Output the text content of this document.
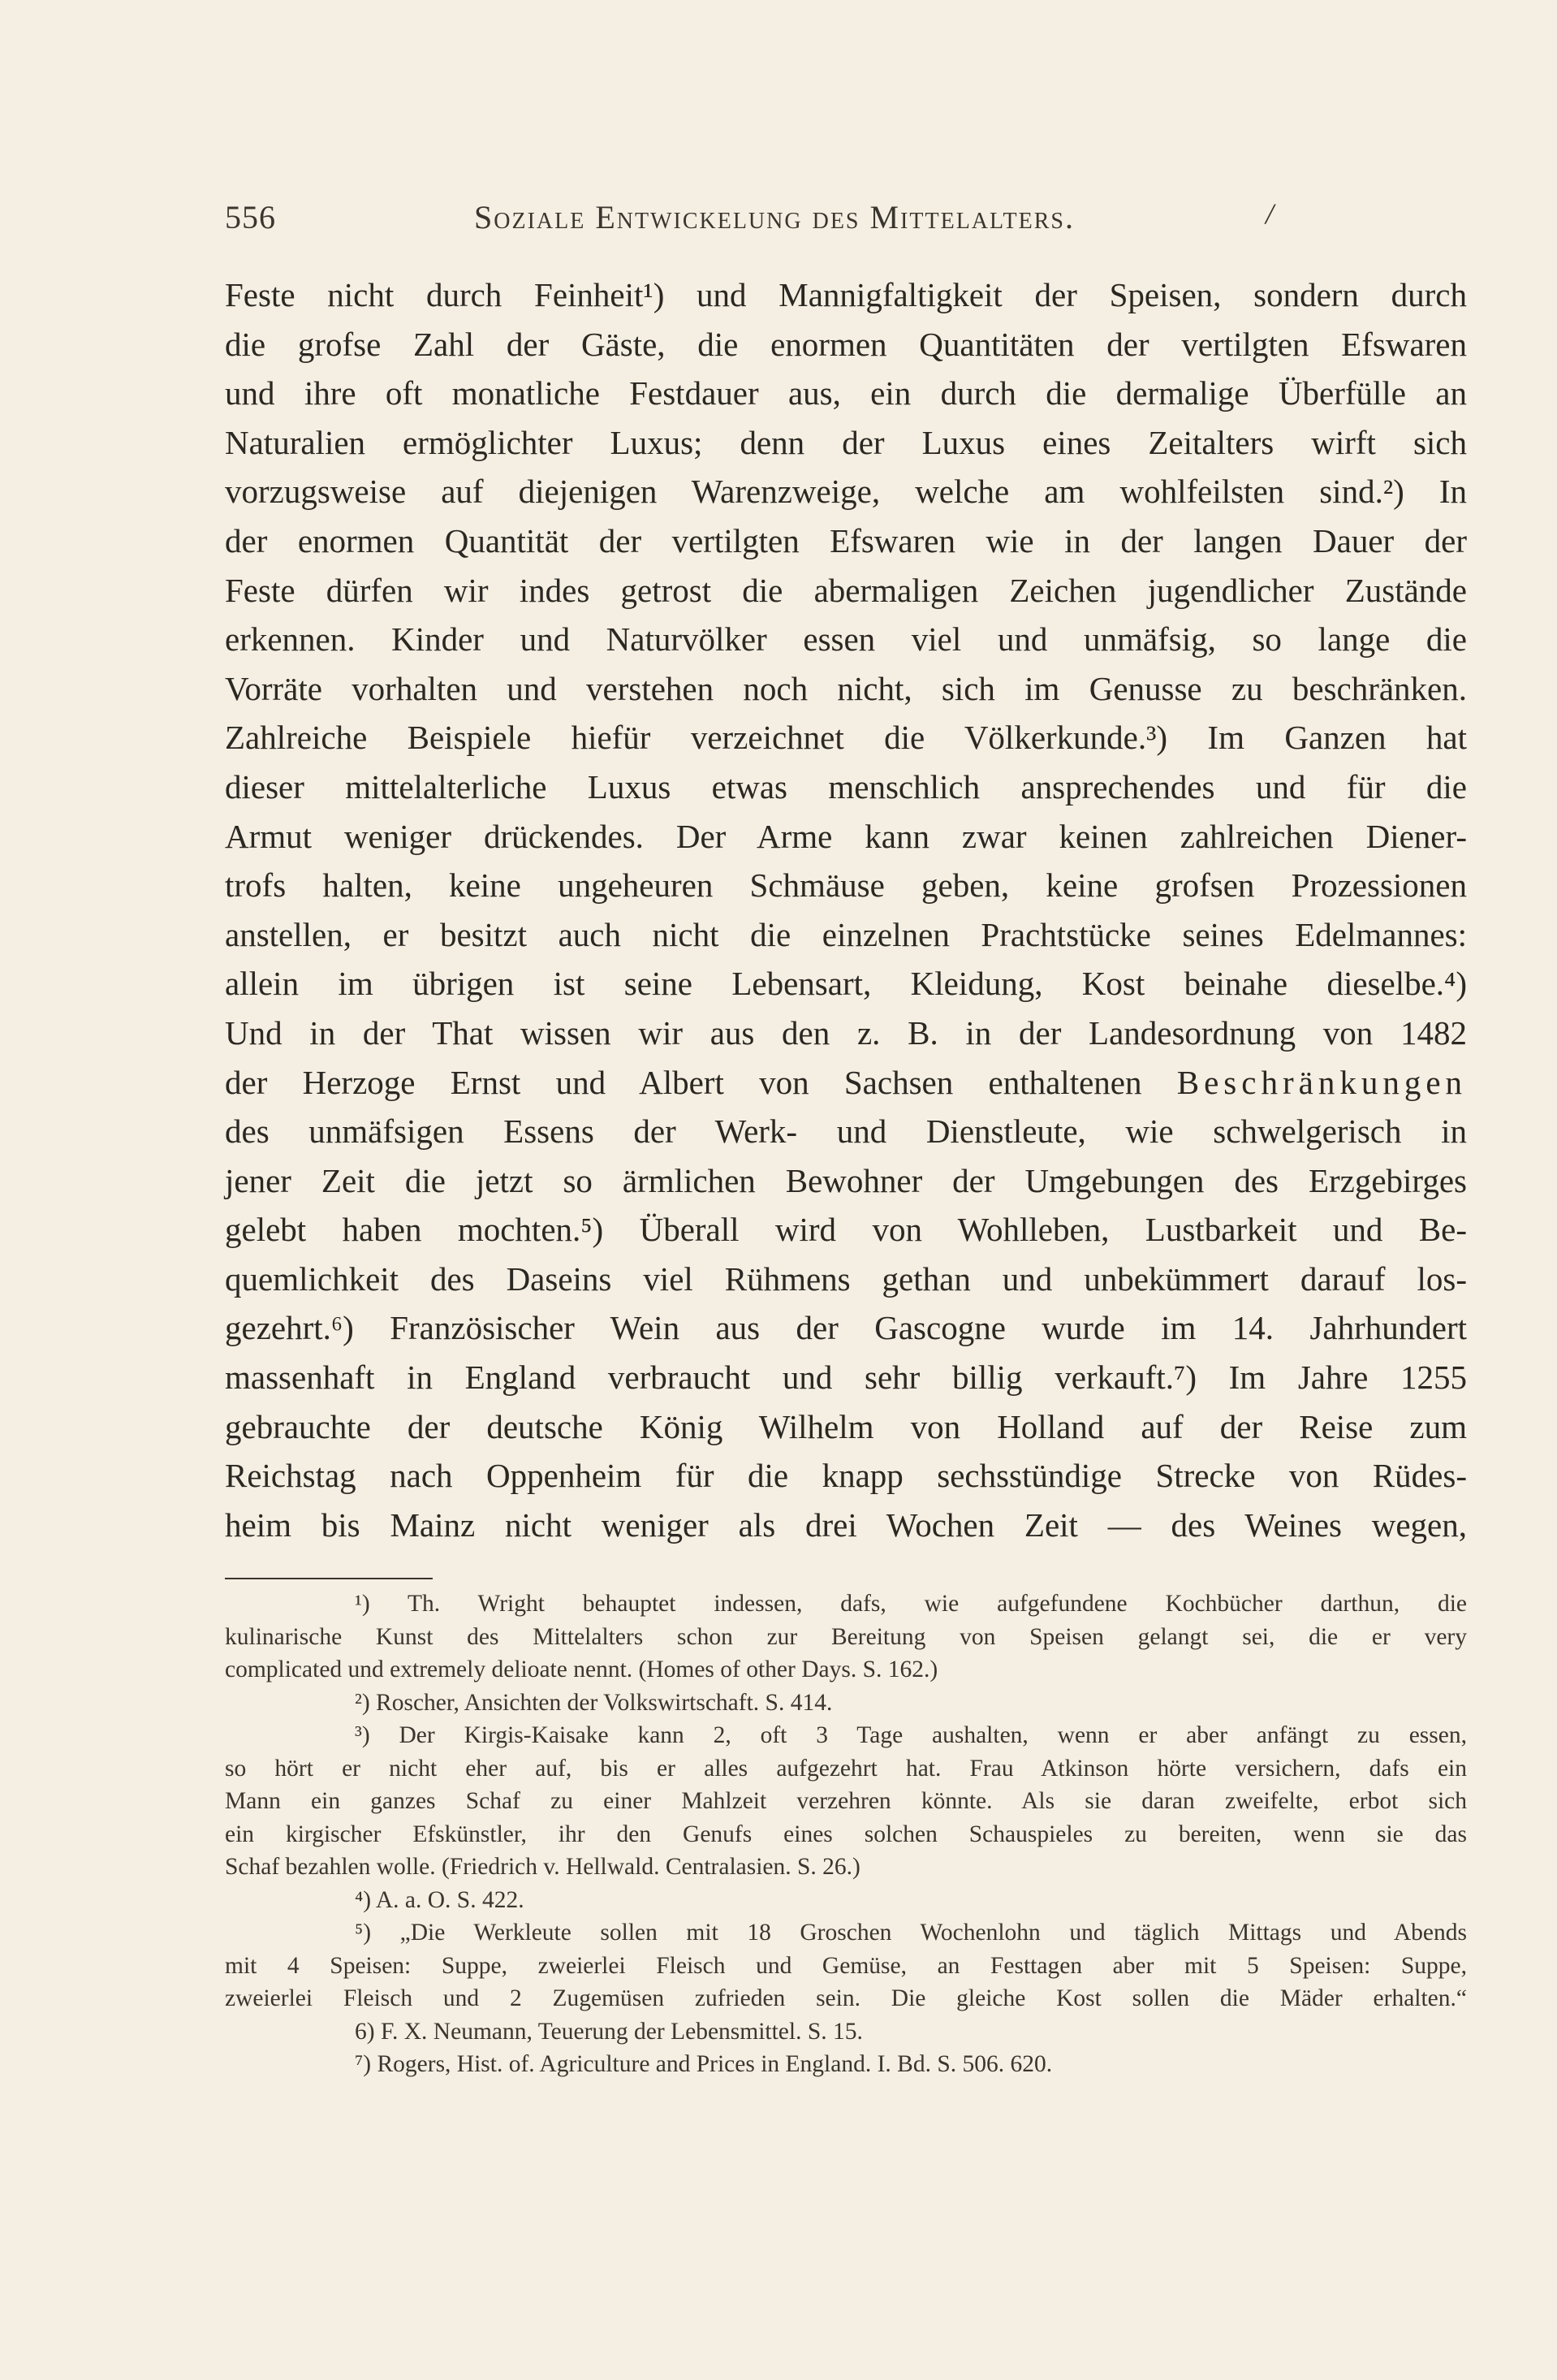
556	Soziale Entwickelung des Mittelalters.	/
Feste nicht durch Feinheit¹) und Mannigfaltigkeit der Speisen, sondern durch
die grofse Zahl der Gäste, die enormen Quantitäten der vertilgten Efswaren
und ihre oft monatliche Festdauer aus, ein durch die dermalige Überfülle an
Naturalien ermöglichter Luxus; denn der Luxus eines Zeitalters wirft sich
vorzugsweise auf diejenigen Warenzweige, welche am wohlfeilsten sind.²) In
der enormen Quantität der vertilgten Efswaren wie in der langen Dauer der
Feste dürfen wir indes getrost die abermaligen Zeichen jugendlicher Zustände
erkennen. Kinder und Naturvölker essen viel und unmäfsig, so lange die
Vorräte vorhalten und verstehen noch nicht, sich im Genusse zu beschränken.
Zahlreiche Beispiele hiefür verzeichnet die Völkerkunde.³) Im Ganzen hat
dieser mittelalterliche Luxus etwas menschlich ansprechendes und für die
Armut weniger drückendes. Der Arme kann zwar keinen zahlreichen Diener-
trofs halten, keine ungeheuren Schmäuse geben, keine grofsen Prozessionen
anstellen, er besitzt auch nicht die einzelnen Prachtstücke seines Edelmannes:
allein im übrigen ist seine Lebensart, Kleidung, Kost beinahe dieselbe.⁴)
Und in der That wissen wir aus den z. B. in der Landesordnung von 1482
der Herzoge Ernst und Albert von Sachsen enthaltenen Beschränkungen
des unmäfsigen Essens der Werk- und Dienstleute, wie schwelgerisch in
jener Zeit die jetzt so ärmlichen Bewohner der Umgebungen des Erzgebirges
gelebt haben mochten.⁵) Überall wird von Wohlleben, Lustbarkeit und Be-
quemlichkeit des Daseins viel Rühmens gethan und unbekümmert darauf los-
gezehrt.⁶) Französischer Wein aus der Gascogne wurde im 14. Jahrhundert
massenhaft in England verbraucht und sehr billig verkauft.⁷) Im Jahre 1255
gebrauchte der deutsche König Wilhelm von Holland auf der Reise zum
Reichstag nach Oppenheim für die knapp sechsstündige Strecke von Rüdes-
heim bis Mainz nicht weniger als drei Wochen Zeit — des Weines wegen,
¹) Th. Wright behauptet indessen, dafs, wie aufgefundene Kochbücher darthun, die
kulinarische Kunst des Mittelalters schon zur Bereitung von Speisen gelangt sei, die er very
complicated und extremely delioate nennt. (Homes of other Days. S. 162.)
²) Roscher, Ansichten der Volkswirtschaft. S. 414.
³) Der Kirgis-Kaisake kann 2, oft 3 Tage aushalten, wenn er aber anfängt zu essen,
so hört er nicht eher auf, bis er alles aufgezehrt hat. Frau Atkinson hörte versichern, dafs ein
Mann ein ganzes Schaf zu einer Mahlzeit verzehren könnte. Als sie daran zweifelte, erbot sich
ein kirgischer Efskünstler, ihr den Genufs eines solchen Schauspieles zu bereiten, wenn sie das
Schaf bezahlen wolle. (Friedrich v. Hellwald. Centralasien. S. 26.)
⁴) A. a. O. S. 422.
⁵) „Die Werkleute sollen mit 18 Groschen Wochenlohn und täglich Mittags und Abends
mit 4 Speisen: Suppe, zweierlei Fleisch und Gemüse, an Festtagen aber mit 5 Speisen: Suppe,
zweierlei Fleisch und 2 Zugemüsen zufrieden sein. Die gleiche Kost sollen die Mäder erhalten.“
6) F. X. Neumann, Teuerung der Lebensmittel. S. 15.
⁷) Rogers, Hist. of. Agriculture and Prices in England. I. Bd. S. 506. 620.
